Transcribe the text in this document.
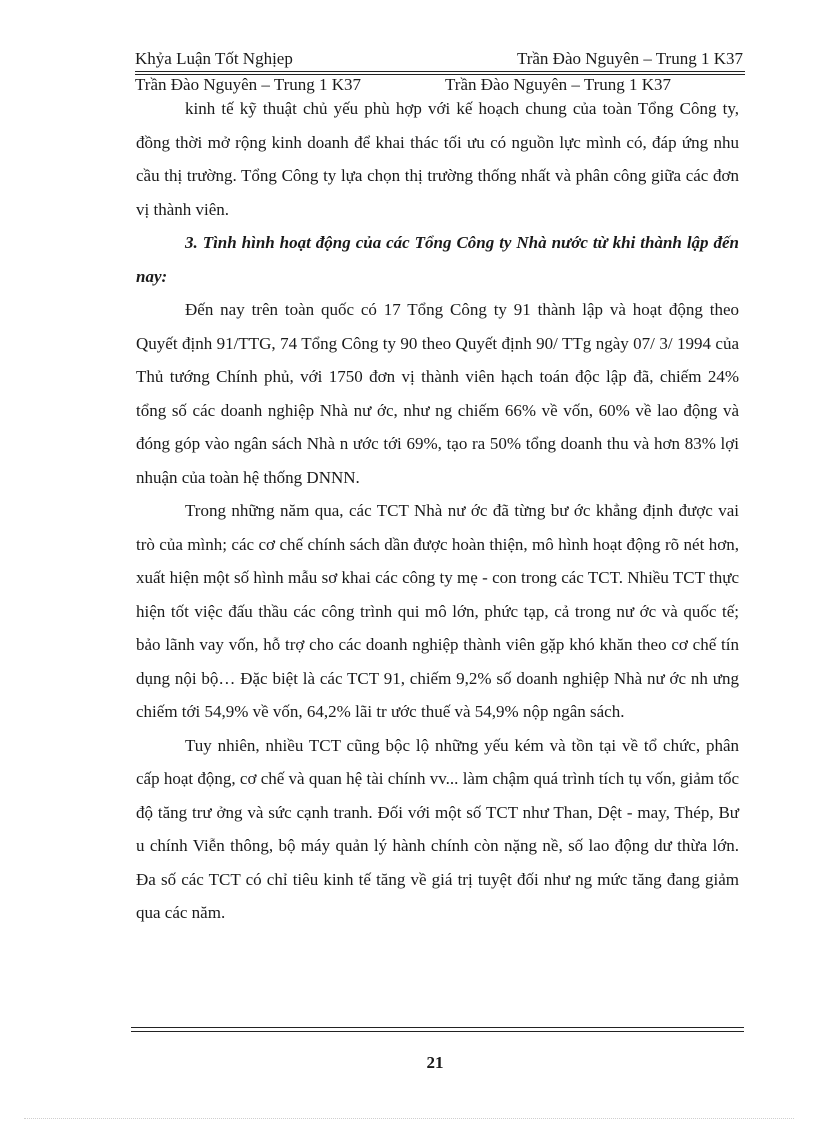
Khỷa Luận Tốt Nghịep	Trần Đào Nguyên – Trung 1 K37
Trần Đào Nguyên – Trung 1 K37	Trần Đào Nguyên – Trung 1 K37

kinh tế kỹ thuật chủ yếu phù hợp với kế hoạch chung của toàn Tổng Công ty, đồng thời mở rộng kinh doanh để khai thác tối ưu có nguồn lực mình có, đáp ứng nhu cầu thị trường. Tổng Công ty lựa chọn thị trường thống nhất và phân công giữa các đơn vị thành viên.

3. Tình hình hoạt động của các Tổng Công ty Nhà nước từ khi thành lập đến nay:

Đến nay trên toàn quốc có 17 Tổng Công ty 91 thành lập và hoạt động theo Quyết định 91/TTG, 74 Tổng Công ty 90 theo Quyết định 90/ TTg ngày 07/ 3/ 1994 của Thủ tướng Chính phủ, với 1750 đơn vị thành viên hạch toán độc lập đã, chiếm 24% tổng số các doanh nghiệp Nhà nư ớc, như ng chiếm 66% về vốn, 60% về lao động và đóng góp vào ngân sách Nhà n ước tới 69%, tạo ra 50% tổng doanh thu và hơn 83% lợi nhuận của toàn hệ thống DNNN.

Trong những năm qua, các TCT Nhà nư ớc đã từng bư ớc khẳng định được vai trò của mình; các cơ chế chính sách dần được hoàn thiện, mô hình hoạt động rõ nét hơn, xuất hiện một số hình mẫu sơ khai các công ty mẹ - con trong các TCT. Nhiều TCT thực hiện tốt việc đấu thầu các công trình qui mô lớn, phức tạp, cả trong nư ớc và quốc tế; bảo lãnh vay vốn, hỗ trợ cho các doanh nghiệp thành viên gặp khó khăn theo cơ chế tín dụng nội bộ… Đặc biệt là các TCT 91, chiếm 9,2% số doanh nghiệp Nhà nư ớc nh ưng chiếm tới 54,9% về vốn, 64,2% lãi tr ước thuế và 54,9% nộp ngân sách.

Tuy nhiên, nhiều TCT cũng bộc lộ những yếu kém và tồn tại về tổ chức, phân cấp hoạt động, cơ chế và quan hệ tài chính vv... làm chậm quá trình tích tụ vốn, giảm tốc độ tăng trư ởng và sức cạnh tranh. Đối với một số TCT như Than, Dệt - may, Thép, Bư u chính Viễn thông, bộ máy quản lý hành chính còn nặng nề, số lao động dư thừa lớn. Đa số các TCT có chỉ tiêu kinh tế tăng về giá trị tuyệt đối như ng mức tăng đang giảm qua các năm.

21
